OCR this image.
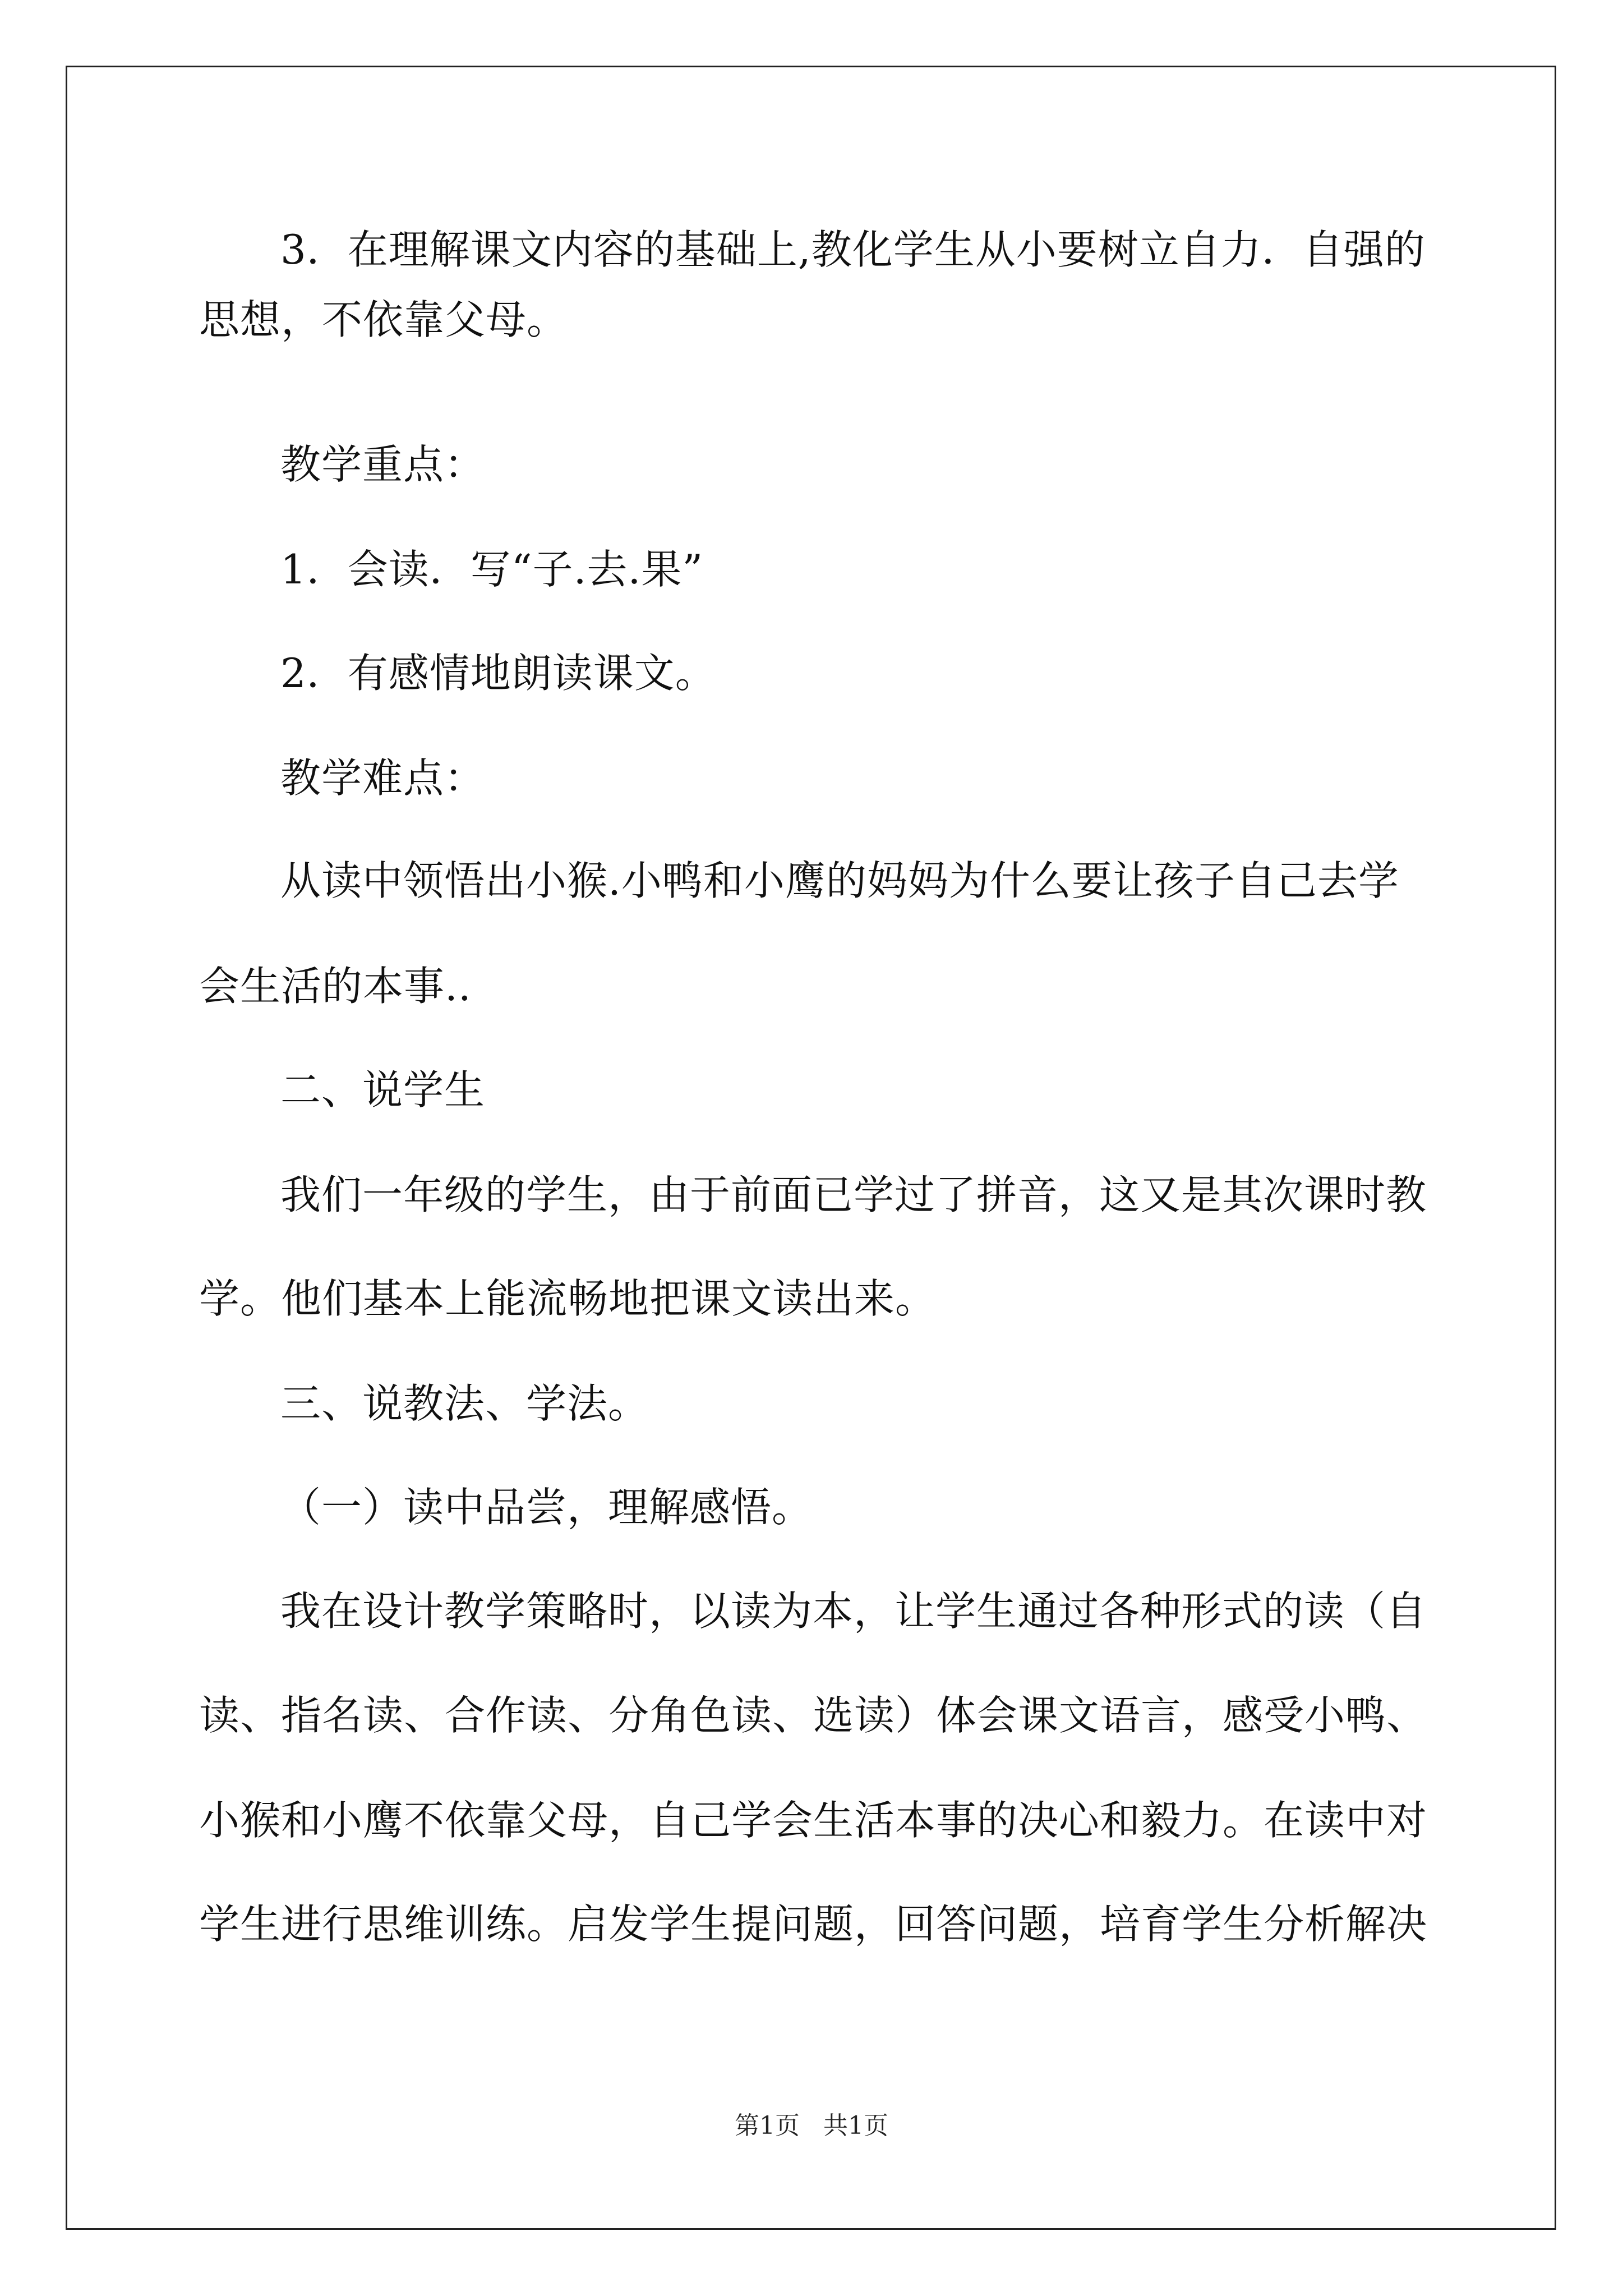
3．在理解课文内容的基础上,教化学生从小要树立自力．自强的

思想，不依靠父母。

教学重点：

1．会读．写“子.去.果”

2．有感情地朗读课文。

教学难点：

从读中领悟出小猴.小鸭和小鹰的妈妈为什么要让孩子自己去学

会生活的本事..

二、说学生

我们一年级的学生，由于前面已学过了拼音，这又是其次课时教

学。他们基本上能流畅地把课文读出来。

三、说教法、学法。

（一）读中品尝，理解感悟。

我在设计教学策略时，以读为本，让学生通过各种形式的读（自

读、指名读、合作读、分角色读、选读）体会课文语言，感受小鸭、

小猴和小鹰不依靠父母，自己学会生活本事的决心和毅力。在读中对

学生进行思维训练。启发学生提问题，回答问题，培育学生分析解决

第1页   共1页
